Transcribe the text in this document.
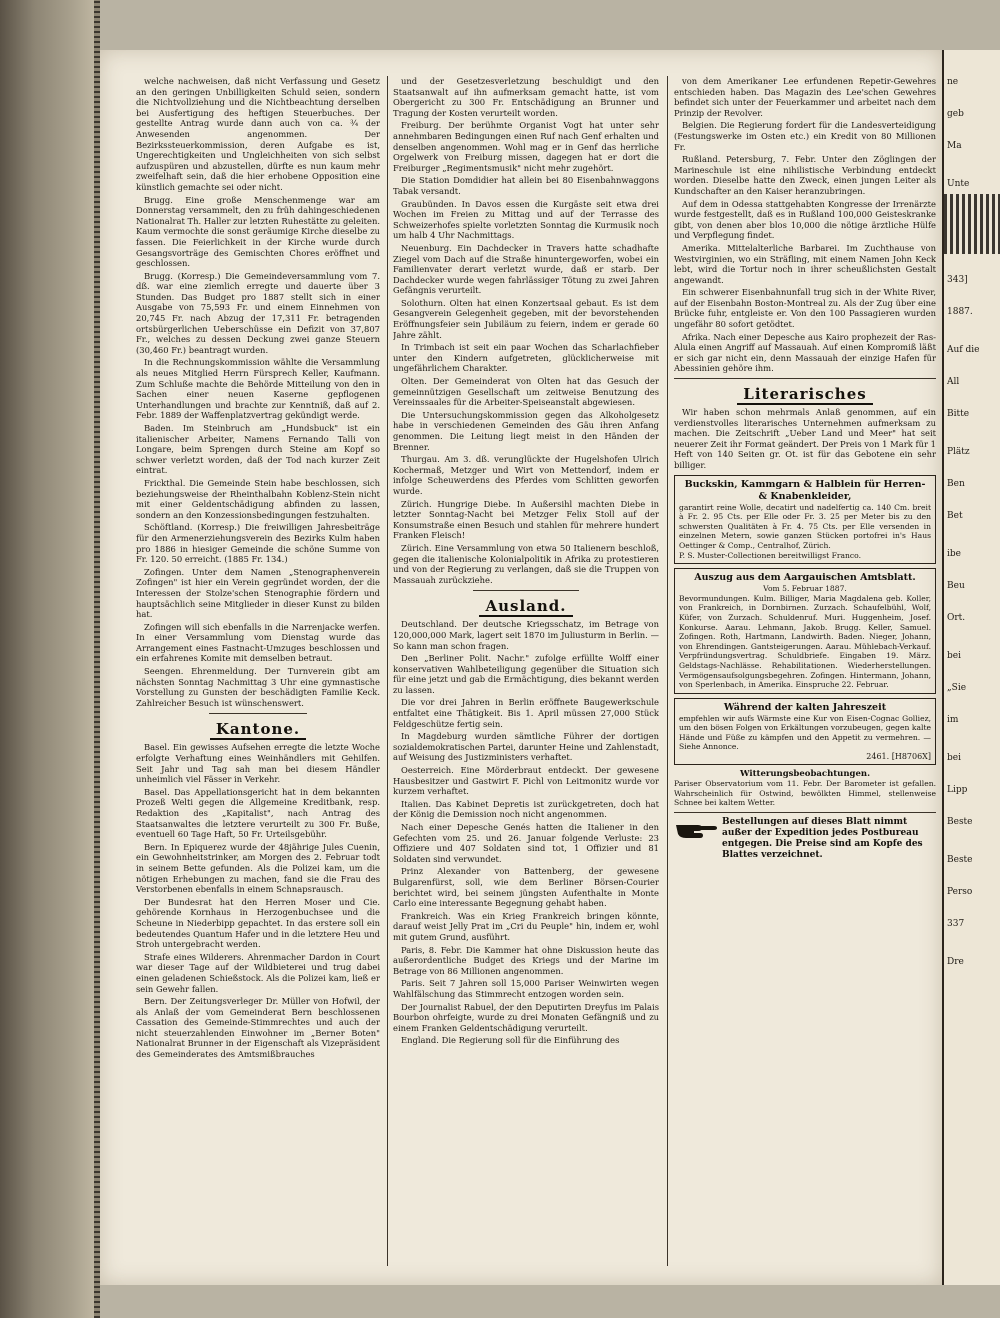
welche nachweisen, daß nicht Verfassung und Gesetz an den geringen Unbilligkeiten Schuld seien, sondern die Nichtvollziehung und die Nichtbeachtung derselben bei Ausfertigung des heftigen Steuerbuches. Der gestellte Antrag wurde dann auch von ca. ¾ der Anwesenden angenommen. Der Bezirkssteuerkommission, deren Aufgabe es ist, Ungerechtigkeiten und Ungleichheiten von sich selbst aufzuspüren und abzustellen, dürfte es nun kaum mehr zweifelhaft sein, daß die hier erhobene Opposition eine künstlich gemachte sei oder nicht.

Brugg. Eine große Menschenmenge war am Donnerstag versammelt, den zu früh dahingeschiedenen Nationalrat Th. Haller zur letzten Ruhestätte zu geleiten. Kaum vermochte die sonst geräumige Kirche dieselbe zu fassen. Die Feierlichkeit in der Kirche wurde durch Gesangsvorträge des Gemischten Chores eröffnet und geschlossen.

Brugg. (Korresp.) Die Gemeindeversammlung vom 7. dß. war eine ziemlich erregte und dauerte über 3 Stunden. Das Budget pro 1887 stellt sich in einer Ausgabe von 75,593 Fr. und einem Einnehmen von 20,745 Fr. nach Abzug der 17,311 Fr. betragenden ortsbürgerlichen Ueberschüsse ein Defizit von 37,807 Fr., welches zu dessen Deckung zwei ganze Steuern (30,460 Fr.) beantragt wurden.

In die Rechnungskommission wählte die Versammlung als neues Mitglied Herrn Fürsprech Keller, Kaufmann. Zum Schluße machte die Behörde Mitteilung von den in Sachen einer neuen Kaserne gepflogenen Unterhandlungen und brachte zur Kenntniß, daß auf 2. Febr. 1889 der Waffenplatzvertrag gekündigt werde.

Baden. Im Steinbruch am „Hundsbuck" ist ein italienischer Arbeiter, Namens Fernando Talli von Longare, beim Sprengen durch Steine am Kopf so schwer verletzt worden, daß der Tod nach kurzer Zeit eintrat.

Frickthal. Die Gemeinde Stein habe beschlossen, sich beziehungsweise der Rheinthalbahn Koblenz-Stein nicht mit einer Geldentschädigung abfinden zu lassen, sondern an den Konzessionsbedingungen festzuhalten.

Schöftland. (Korresp.) Die freiwilligen Jahresbeiträge für den Armenerziehungsverein des Bezirks Kulm haben pro 1886 in hiesiger Gemeinde die schöne Summe von Fr. 120. 50 erreicht. (1885 Fr. 134.)

Zofingen. Unter dem Namen „Stenographenverein Zofingen" ist hier ein Verein gegründet worden, der die Interessen der Stolze'schen Stenographie fördern und hauptsächlich seine Mitglieder in dieser Kunst zu bilden hat.

Zofingen will sich ebenfalls in die Narrenjacke werfen. In einer Versammlung vom Dienstag wurde das Arrangement eines Fastnacht-Umzuges beschlossen und ein erfahrenes Komite mit demselben betraut.

Seengen. Ehrenmeldung. Der Turnverein gibt am nächsten Sonntag Nachmittag 3 Uhr eine gymnastische Vorstellung zu Gunsten der beschädigten Familie Keck. Zahlreicher Besuch ist wünschenswert.

Kantone.

Basel. Ein gewisses Aufsehen erregte die letzte Woche erfolgte Verhaftung eines Weinhändlers mit Gehilfen. Seit Jahr und Tag sah man bei diesem Händler unheimlich viel Fässer in Verkehr.

Basel. Das Appellationsgericht hat in dem bekannten Prozeß Welti gegen die Allgemeine Kreditbank, resp. Redaktion des „Kapitalist", nach Antrag des Staatsanwaltes die letztere verurteilt zu 300 Fr. Buße, eventuell 60 Tage Haft, 50 Fr. Urteilsgebühr.

Bern. In Epiquerez wurde der 48jährige Jules Cuenin, ein Gewohnheitstrinker, am Morgen des 2. Februar todt in seinem Bette gefunden. Als die Polizei kam, um die nötigen Erhebungen zu machen, fand sie die Frau des Verstorbenen ebenfalls in einem Schnapsrausch.

Der Bundesrat hat den Herren Moser und Cie. gehörende Kornhaus in Herzogenbuchsee und die Scheune in Niederbipp gepachtet. In das erstere soll ein bedeutendes Quantum Hafer und in die letztere Heu und Stroh untergebracht werden.

Strafe eines Wilderers. Ahrenmacher Dardon in Court war dieser Tage auf der Wildbieterei und trug dabei einen geladenen Schießstock. Als die Polizei kam, ließ er sein Gewehr fallen.

Bern. Der Zeitungsverleger Dr. Müller von Hofwil, der als Anlaß der vom Gemeinderat Bern beschlossenen Cassation des Gemeinde-Stimmrechtes und auch der nicht steuerzahlenden Einwohner im „Berner Boten" Nationalrat Brunner in der Eigenschaft als Vizepräsident des Gemeinderates des Amtsmißbrauches

und der Gesetzesverletzung beschuldigt und den Staatsanwalt auf ihn aufmerksam gemacht hatte, ist vom Obergericht zu 300 Fr. Entschädigung an Brunner und Tragung der Kosten verurteilt worden.

Freiburg. Der berühmte Organist Vogt hat unter sehr annehmbaren Bedingungen einen Ruf nach Genf erhalten und denselben angenommen. Wohl mag er in Genf das herrliche Orgelwerk von Freiburg missen, dagegen hat er dort die Freiburger „Regimentsmusik" nicht mehr zugehört.

Die Station Domdidier hat allein bei 80 Eisenbahnwaggons Tabak versandt.

Graubünden. In Davos essen die Kurgäste seit etwa drei Wochen im Freien zu Mittag und auf der Terrasse des Schweizerhofes spielte vorletzten Sonntag die Kurmusik noch um halb 4 Uhr Nachmittags.

Neuenburg. Ein Dachdecker in Travers hatte schadhafte Ziegel vom Dach auf die Straße hinuntergeworfen, wobei ein Familienvater derart verletzt wurde, daß er starb. Der Dachdecker wurde wegen fahrlässiger Tötung zu zwei Jahren Gefängnis verurteilt.

Solothurn. Olten hat einen Konzertsaal gebaut. Es ist dem Gesangverein Gelegenheit gegeben, mit der bevorstehenden Eröffnungsfeier sein Jubiläum zu feiern, indem er gerade 60 Jahre zählt.

In Trimbach ist seit ein paar Wochen das Scharlachfieber unter den Kindern aufgetreten, glücklicherweise mit ungefährlichem Charakter.

Olten. Der Gemeinderat von Olten hat das Gesuch der gemeinnützigen Gesellschaft um zeitweise Benutzung des Vereinssaales für die Arbeiter-Speiseanstalt abgewiesen.

Die Untersuchungskommission gegen das Alkoholgesetz habe in verschiedenen Gemeinden des Gäu ihren Anfang genommen. Die Leitung liegt meist in den Händen der Brenner.

Thurgau. Am 3. dß. verunglückte der Hugelshofen Ulrich Kochermaß, Metzger und Wirt von Mettendorf, indem er infolge Scheuwerdens des Pferdes vom Schlitten geworfen wurde.

Zürich. Hungrige Diebe. In Außersihl machten Diebe in letzter Sonntag-Nacht bei Metzger Felix Stoll auf der Konsumstraße einen Besuch und stahlen für mehrere hundert Franken Fleisch!

Zürich. Eine Versammlung von etwa 50 Italienern beschloß, gegen die italienische Kolonialpolitik in Afrika zu protestieren und von der Regierung zu verlangen, daß sie die Truppen von Massauah zurückziehe.

Ausland.

Deutschland. Der deutsche Kriegsschatz, im Betrage von 120,000,000 Mark, lagert seit 1870 im Juliusturm in Berlin. — So kann man schon fragen.

Den „Berliner Polit. Nachr." zufolge erfüllte Wolff einer konservativen Wahlbeteiligung gegenüber die Situation sich für eine jetzt und gab die Ermächtigung, dies bekannt werden zu lassen.

Die vor drei Jahren in Berlin eröffnete Baugewerkschule entfaltet eine Thätigkeit. Bis 1. April müssen 27,000 Stück Feldgeschütze fertig sein.

In Magdeburg wurden sämtliche Führer der dortigen sozialdemokratischen Partei, darunter Heine und Zahlenstadt, auf Weisung des Justizministers verhaftet.

Oesterreich. Eine Mörderbraut entdeckt. Der gewesene Hausbesitzer und Gastwirt F. Pichl von Leitmonitz wurde vor kurzem verhaftet.

Italien. Das Kabinet Depretis ist zurückgetreten, doch hat der König die Demission noch nicht angenommen.

Nach einer Depesche Genés hatten die Italiener in den Gefechten vom 25. und 26. Januar folgende Verluste: 23 Offiziere und 407 Soldaten sind tot, 1 Offizier und 81 Soldaten sind verwundet.

Prinz Alexander von Battenberg, der gewesene Bulgarenfürst, soll, wie dem Berliner Börsen-Courier berichtet wird, bei seinem jüngsten Aufenthalte in Monte Carlo eine interessante Begegnung gehabt haben.

Frankreich. Was ein Krieg Frankreich bringen könnte, darauf weist Jelly Prat im „Cri du Peuple" hin, indem er, wohl mit gutem Grund, ausführt.

Paris, 8. Febr. Die Kammer hat ohne Diskussion heute das außerordentliche Budget des Kriegs und der Marine im Betrage von 86 Millionen angenommen.

Paris. Seit 7 Jahren soll 15,000 Pariser Weinwirten wegen Wahlfälschung das Stimmrecht entzogen worden sein.

Der Journalist Rabuel, der den Deputirten Dreyfus im Palais Bourbon ohrfeigte, wurde zu drei Monaten Gefängniß und zu einem Franken Geldentschädigung verurteilt.

England. Die Regierung soll für die Einführung des

von dem Amerikaner Lee erfundenen Repetir-Gewehres entschieden haben. Das Magazin des Lee'schen Gewehres befindet sich unter der Feuerkammer und arbeitet nach dem Prinzip der Revolver.

Belgien. Die Regierung fordert für die Landesverteidigung (Festungswerke im Osten etc.) ein Kredit von 80 Millionen Fr.

Rußland. Petersburg, 7. Febr. Unter den Zöglingen der Marineschule ist eine nihilistische Verbindung entdeckt worden. Dieselbe hatte den Zweck, einen jungen Leiter als Kundschafter an den Kaiser heranzubringen.

Auf dem in Odessa stattgehabten Kongresse der Irrenärzte wurde festgestellt, daß es in Rußland 100,000 Geisteskranke gibt, von denen aber blos 10,000 die nötige ärztliche Hülfe und Verpflegung findet.

Amerika. Mittelalterliche Barbarei. Im Zuchthause von Westvirginien, wo ein Sträfling, mit einem Namen John Keck lebt, wird die Tortur noch in ihrer scheußlichsten Gestalt angewandt.

Ein schwerer Eisenbahnunfall trug sich in der White River, auf der Eisenbahn Boston-Montreal zu. Als der Zug über eine Brücke fuhr, entgleiste er. Von den 100 Passagieren wurden ungefähr 80 sofort getödtet.

Afrika. Nach einer Depesche aus Kairo prophezeit der Ras-Alula einen Angriff auf Massauah. Auf einen Kompromiß läßt er sich gar nicht ein, denn Massauah der einzige Hafen für Abessinien gehöre ihm.

Literarisches

Wir haben schon mehrmals Anlaß genommen, auf ein verdienstvolles literarisches Unternehmen aufmerksam zu machen. Die Zeitschrift „Ueber Land und Meer" hat seit neuerer Zeit ihr Format geändert. Der Preis von 1 Mark für 1 Heft von 140 Seiten gr. Ot. ist für das Gebotene ein sehr billiger.

Buckskin, Kammgarn & Halblein für Herren- & Knabenkleider,
garantirt reine Wolle, decatirt und nadelfertig ca. 140 Cm. breit à Fr. 2. 95 Cts. per Elle oder Fr. 3. 25 per Meter bis zu den schwersten Qualitäten à Fr. 4. 75 Cts. per Elle versenden in einzelnen Metern, sowie ganzen Stücken portofrei in's Haus Oettinger & Comp., Centralhof, Zürich.
P. S. Muster-Collectionen bereitwilligst Franco.
Auszug aus dem Aargauischen Amtsblatt.
Vom 5. Februar 1887.
Bevormundungen. Kulm. Billiger, Maria Magdalena geb. Koller, von Frankreich, in Dornbirnen. Zurzach. Schaufelbühl, Wolf, Küfer, von Zurzach. Schuldenruf. Muri. Huggenheim, Josef. Konkurse. Aarau. Lehmann, Jakob. Brugg. Keller, Samuel. Zofingen. Roth, Hartmann, Landwirth. Baden. Nieger, Johann, von Ehrendingen. Gantsteigerungen. Aarau. Mühlebach-Verkauf. Verpfründungsvertrag. Schuldbriefe. Eingaben 19. März. Geldstags-Nachlässe. Rehabilitationen. Wiederherstellungen. Vermögensaufsolgungsbegehren. Zofingen. Hintermann, Johann, von Sperlenbach, in Amerika. Einspruche 22. Februar.
Während der kalten Jahreszeit
empfehlen wir aufs Wärmste eine Kur von Eisen-Cognac Golliez, um den bösen Folgen von Erkältungen vorzubeugen, gegen kalte Hände und Füße zu kämpfen und den Appetit zu vermehren. — Siehe Annonce.
2461. [H8706X]
Witterungsbeobachtungen.
Pariser Observatorium vom 11. Febr. Der Barometer ist gefallen. Wahrscheinlich für Ostwind, bewölkten Himmel, stellenweise Schnee bei kaltem Wetter.
Bestellungen auf dieses Blatt nimmt außer der Expedition jedes Postbureau entgegen. Die Preise sind am Kopfe des Blattes verzeichnet.
ne
geb
Ma
Unte
343]
1887.
Auf die
All
Bitte
Plätz
Ben
Bet
ibe
Beu
Ort.
bei
„Sie
im
bei
Lipp
Beste
Beste
Perso
337
Dre
